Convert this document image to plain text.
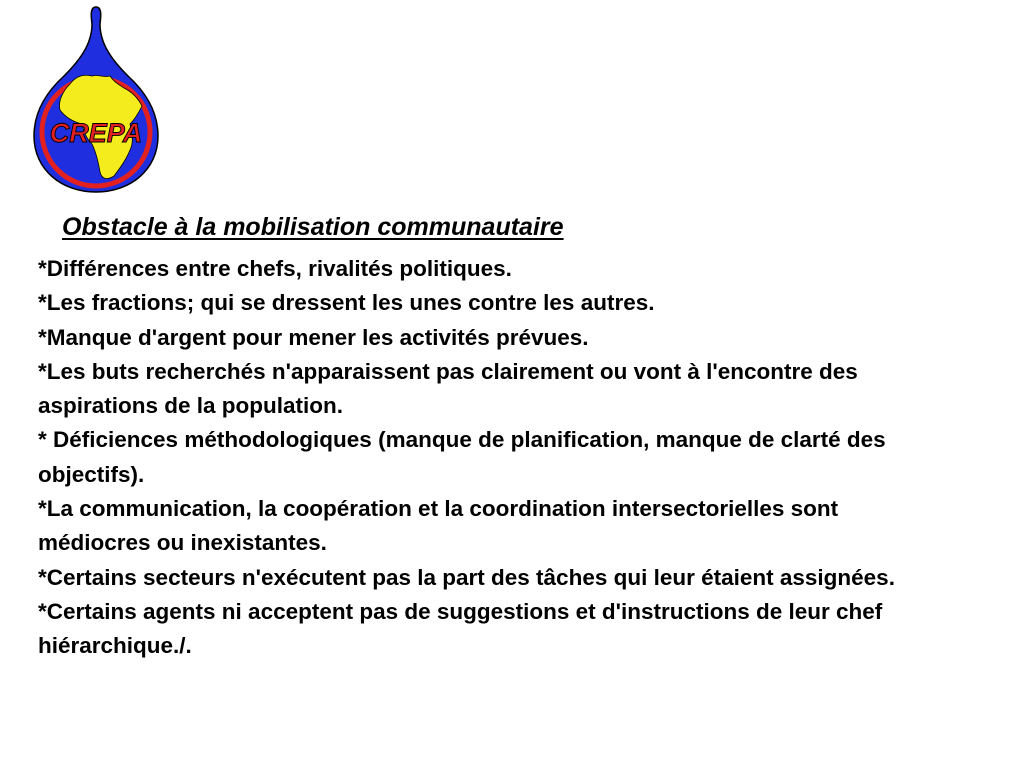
CREPA
Obstacle à la mobilisation communautaire
*Différences entre chefs, rivalités politiques.
*Les fractions; qui se dressent les unes contre les autres.
*Manque d'argent pour mener les activités prévues.
*Les buts recherchés n'apparaissent pas clairement ou vont à l'encontre des aspirations de la population.
* Déficiences méthodologiques (manque de planification, manque de clarté des objectifs).
*La communication, la coopération et la coordination intersectorielles sont médiocres ou inexistantes.
*Certains secteurs n'exécutent pas la part des tâches qui leur étaient assignées.
*Certains agents ni acceptent pas de suggestions et d'instructions de leur chef hiérarchique./.
